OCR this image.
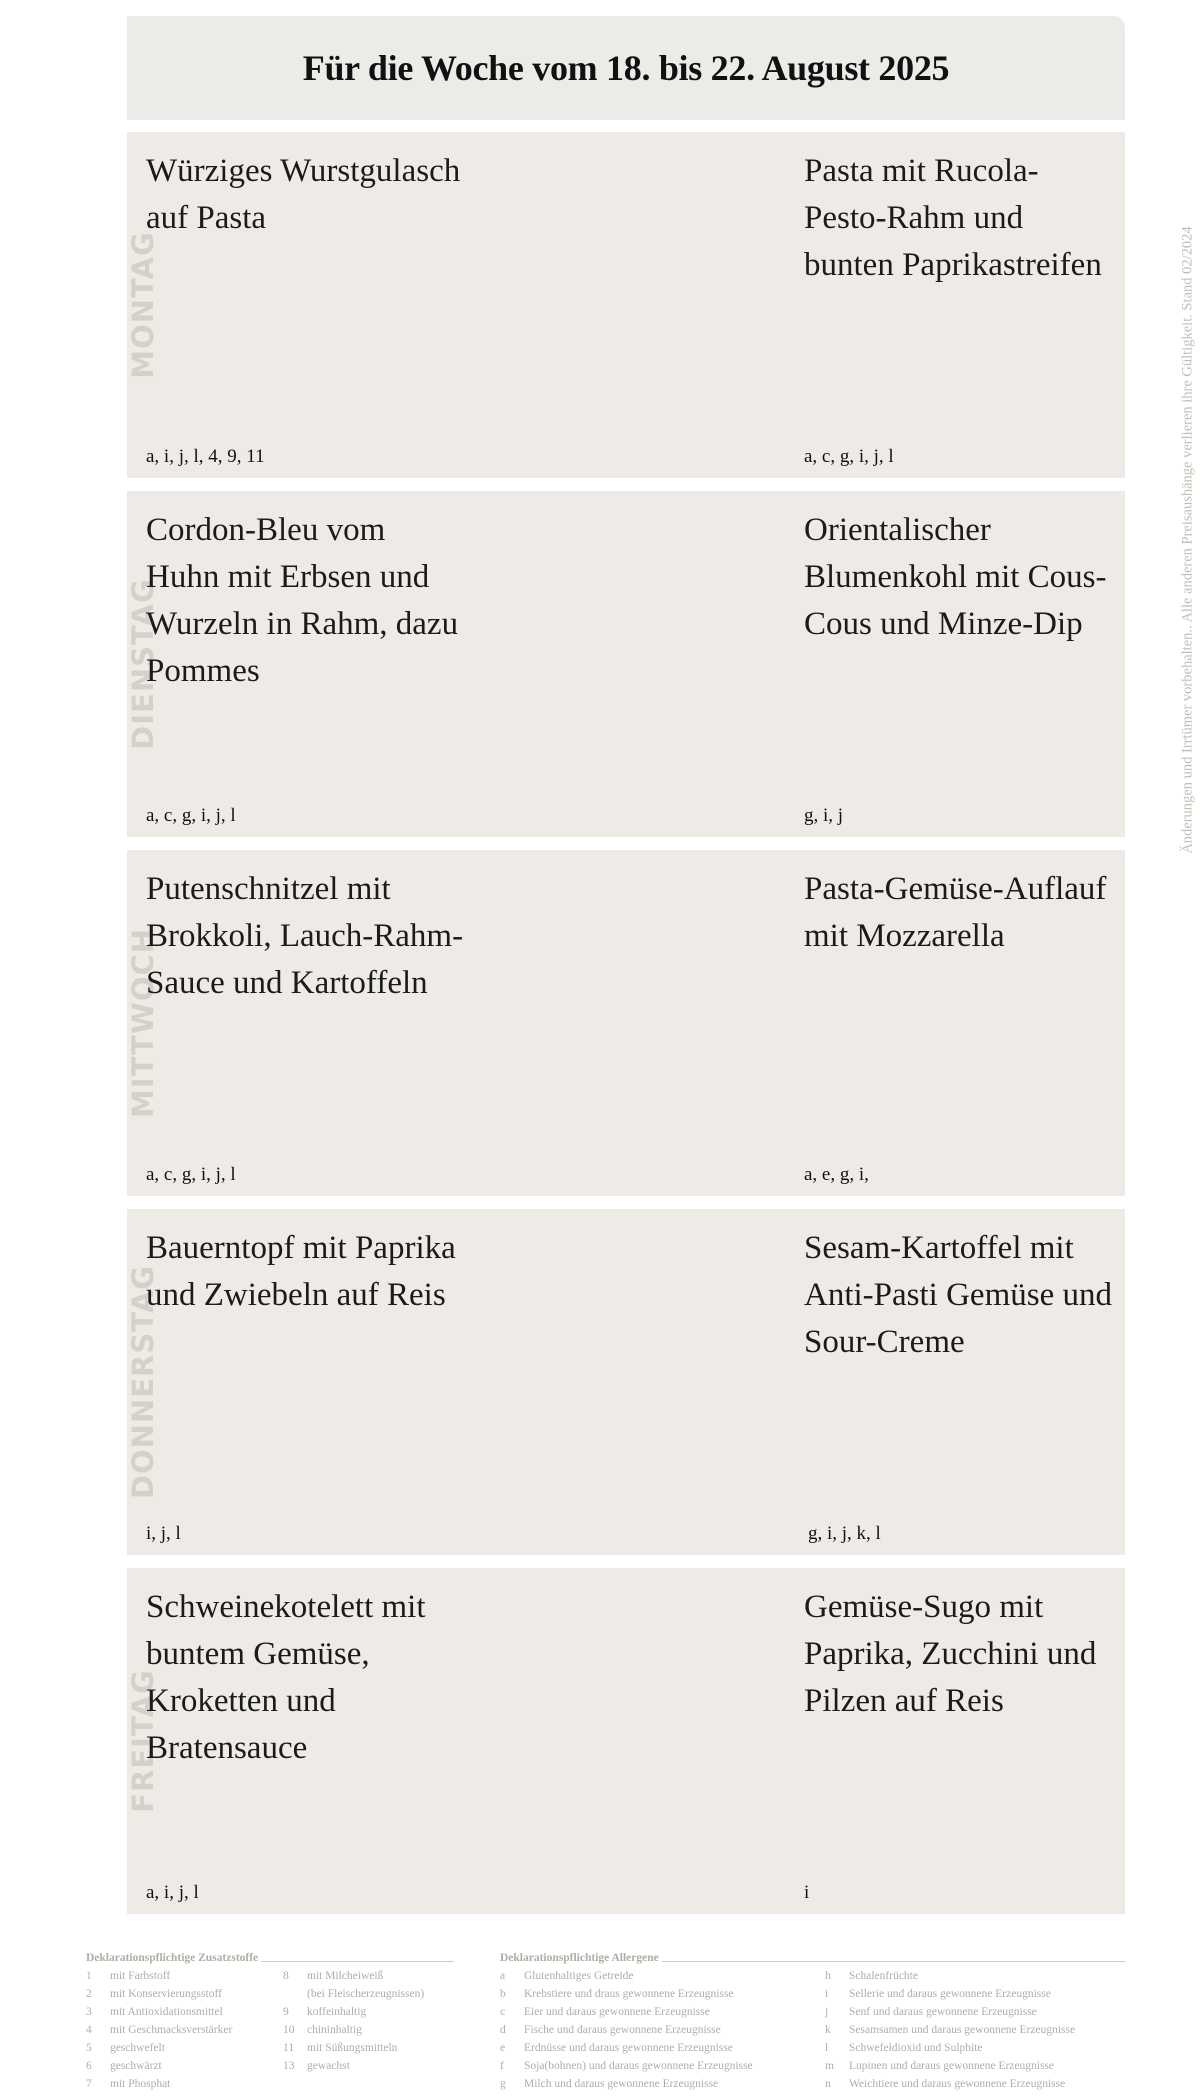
Für die Woche vom 18. bis 22. August 2025
Änderungen und Irrtümer vorbehalten.. Alle anderen Preisaushänge verlieren ihre Gültigkeit. Stand 02/2024
MONTAG
Würziges Wurstgulasch auf Pasta
a, i, j, l, 4, 9, 11
Pasta mit Rucola-Pesto-Rahm und bunten Paprikastreifen
a, c, g, i, j, l
DIENSTAG
Cordon-Bleu vom Huhn mit Erbsen und Wurzeln in Rahm, dazu Pommes
a, c, g, i, j, l
Orientalischer Blumenkohl mit Cous-Cous und Minze-Dip
g, i, j
MITTWOCH
Putenschnitzel mit Brokkoli, Lauch-Rahm-Sauce und Kartoffeln
a, c, g, i, j, l
Pasta-Gemüse-Auflauf mit Mozzarella
a, e, g, i,
DONNERSTAG
Bauerntopf mit Paprika und Zwiebeln auf Reis
i, j, l
Sesam-Kartoffel mit Anti-Pasti Gemüse und Sour-Creme
g, i, j, k, l
FREITAG
Schweinekotelett mit buntem Gemüse, Kroketten und Bratensauce
a, i, j, l
Gemüse-Sugo mit Paprika, Zucchini und Pilzen auf Reis
i
Deklarationspflichtige Zusatzstoffe
1	mit Farbstoff
2	mit Konservierungsstoff
3	mit Antioxidationsmittel
4	mit Geschmacksverstärker
5	geschwefelt
6	geschwärzt
7	mit Phosphat
8	mit Milcheiweiß
(bei Fleischerzeugnissen)
9	koffeinhaltig
10	chininhaltig
11	mit Süßungsmitteln
13	gewachst
Deklarationspflichtige Allergene
a	Glutenhaltiges Getreide
b	Krebstiere und draus gewonnene Erzeugnisse
c	Eier und daraus gewonnene Erzeugnisse
d	Fische und daraus gewonnene Erzeugnisse
e	Erdnüsse und daraus gewonnene Erzeugnisse
f	Soja(bohnen) und daraus gewonnene Erzeugnisse
g	Milch und daraus gewonnene Erzeugnisse
h	Schalenfrüchte
i	Sellerie und daraus gewonnene Erzeugnisse
j	Senf und daraus gewonnene Erzeugnisse
k	Sesamsamen und daraus gewonnene Erzeugnisse
l	Schwefeldioxid und Sulphite
m	Lupinen und daraus gewonnene Erzeugnisse
n	Weichtiere und daraus gewonnene Erzeugnisse
